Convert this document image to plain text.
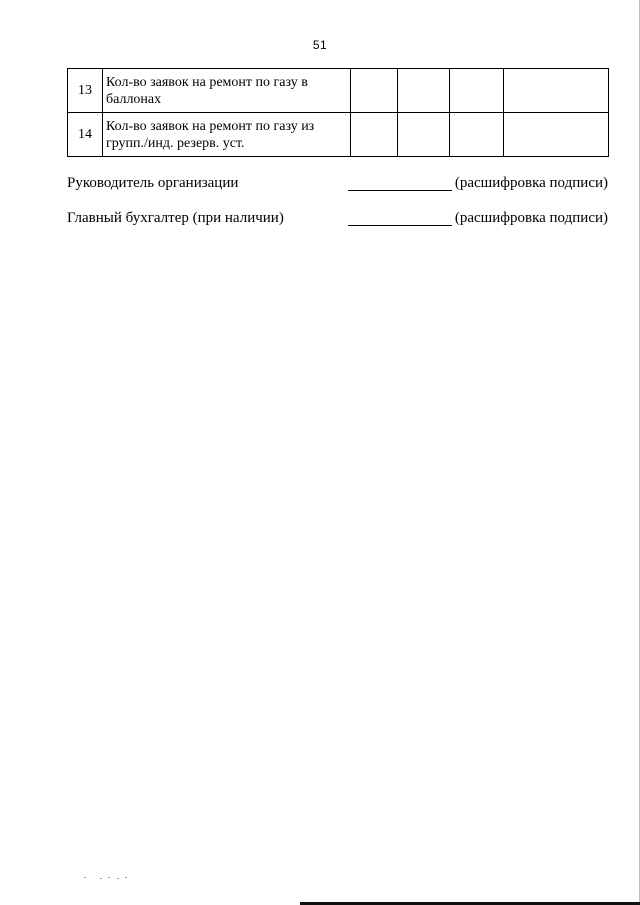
51
13	Кол-во заявок на ремонт по газу в баллонах				
14	Кол-во заявок на ремонт по газу из групп./инд. резерв. уст.				
Руководитель организации	(расшифровка подписи)
Главный бухгалтер (при наличии)	(расшифровка подписи)
